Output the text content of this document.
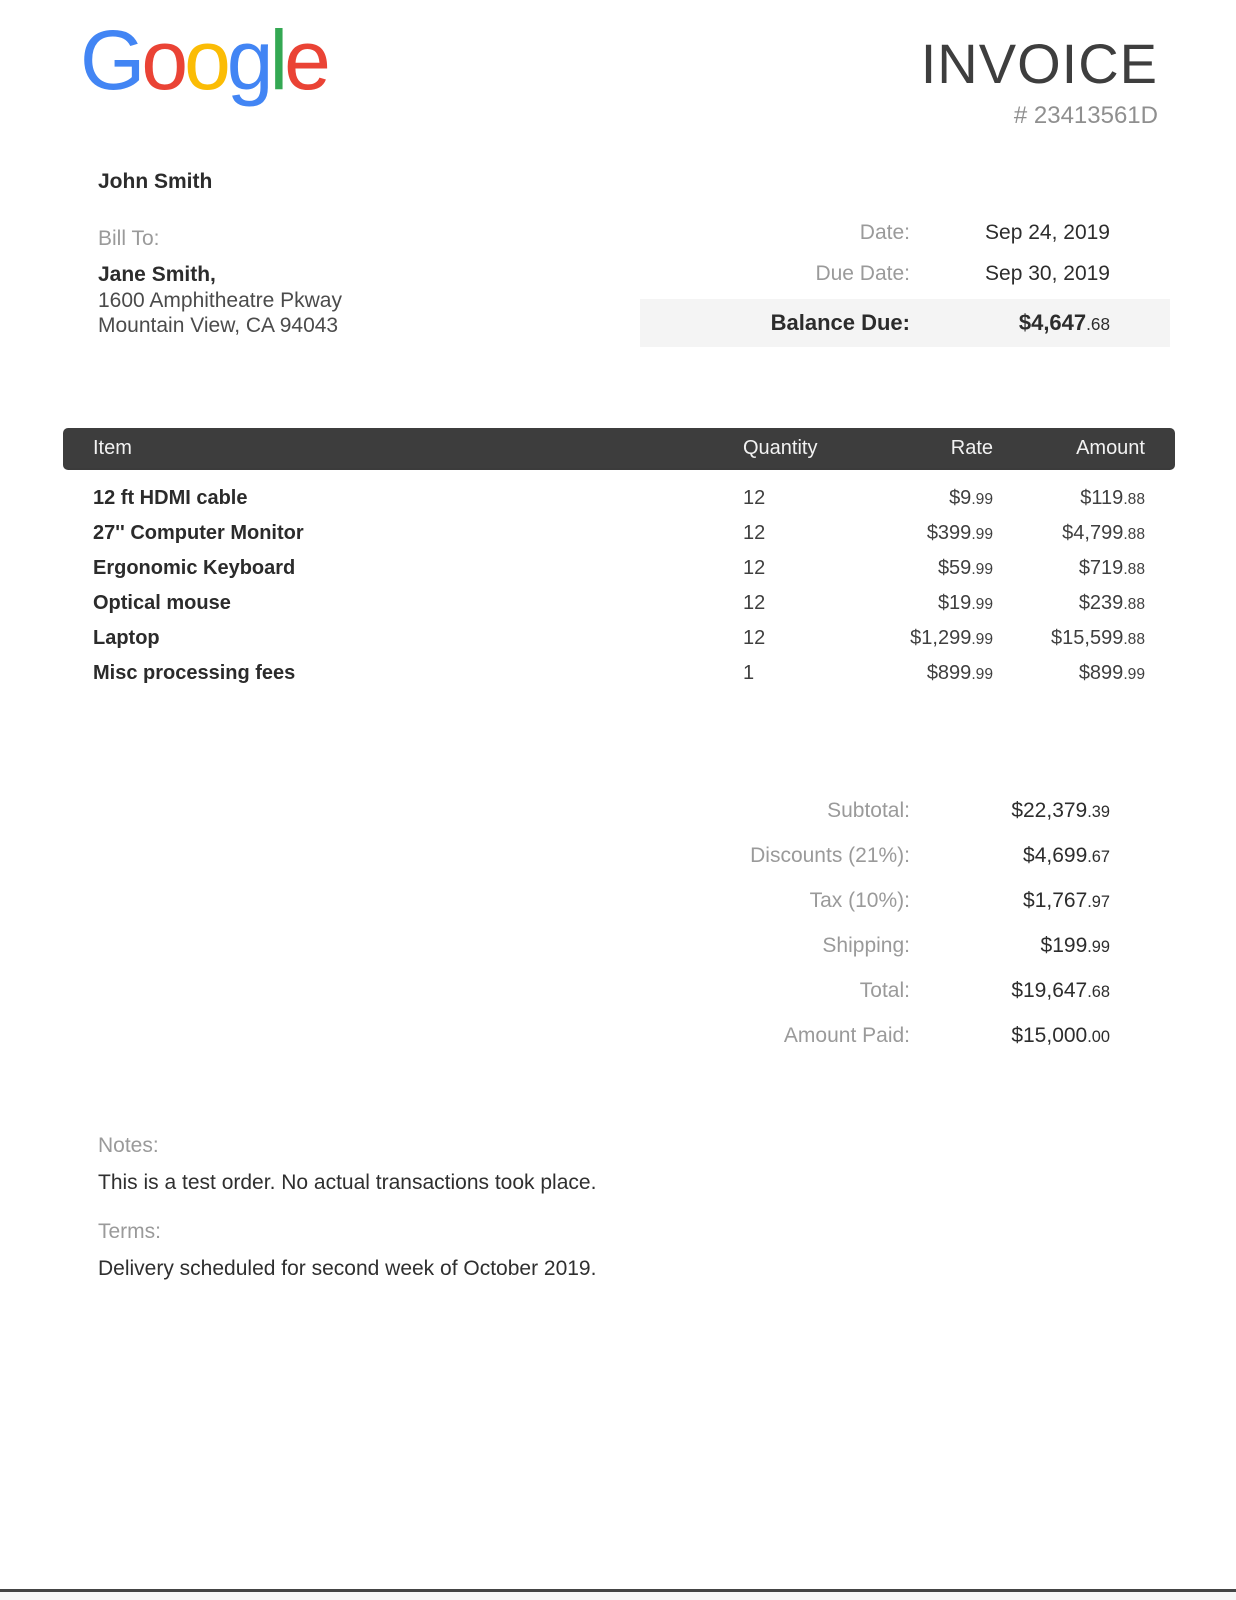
Google	INVOICE
# 23413561D
John Smith
Bill To:
Jane Smith,
1600 Amphitheatre Pkway
Mountain View, CA 94043
Date:	Sep 24, 2019
Due Date:	Sep 30, 2019
Balance Due:	$4,647.68
Item	Quantity	Rate	Amount
12 ft HDMI cable	12	$9.99	$119.88
27'' Computer Monitor	12	$399.99	$4,799.88
Ergonomic Keyboard	12	$59.99	$719.88
Optical mouse	12	$19.99	$239.88
Laptop	12	$1,299.99	$15,599.88
Misc processing fees	1	$899.99	$899.99
Subtotal:	$22,379.39
Discounts (21%):	$4,699.67
Tax (10%):	$1,767.97
Shipping:	$199.99
Total:	$19,647.68
Amount Paid:	$15,000.00
Notes:
This is a test order. No actual transactions took place.
Terms:
Delivery scheduled for second week of October 2019.
